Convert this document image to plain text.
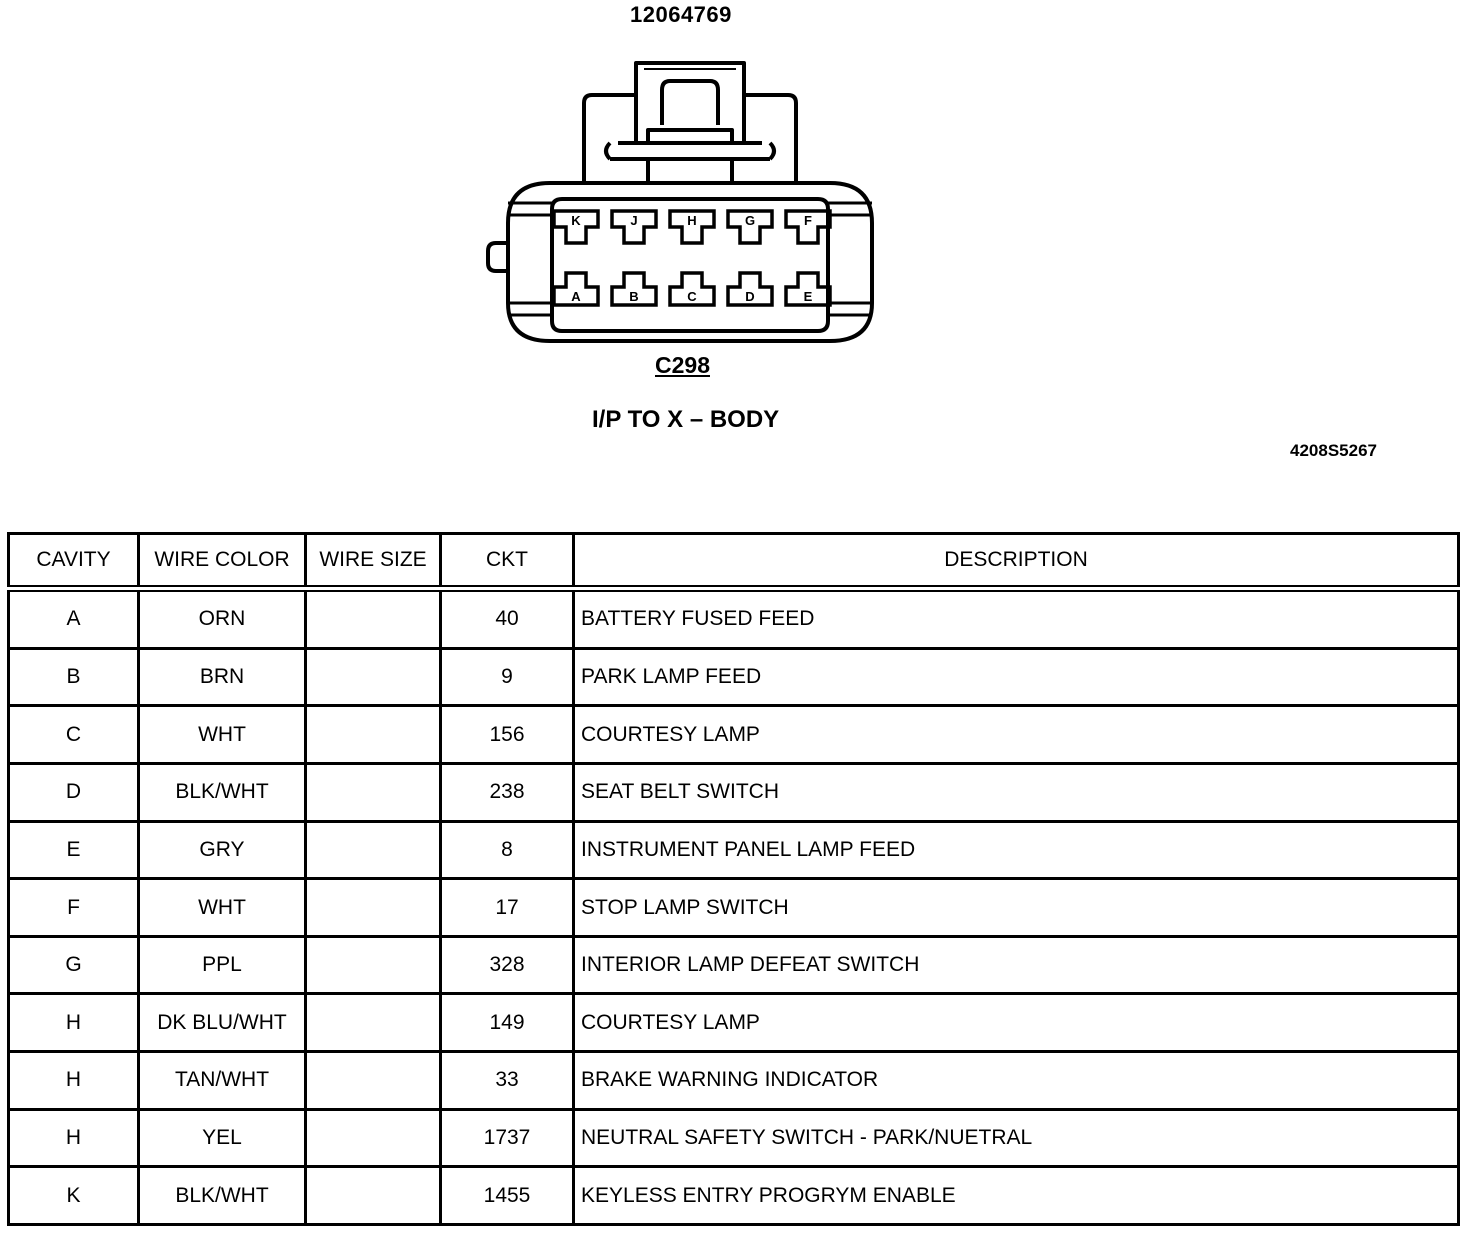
12064769
K	J	H	G	F
A	B	C	D	E
C298
I/P TO X – BODY
4208S5267
CAVITY	WIRE COLOR	WIRE SIZE	CKT	DESCRIPTION
A	ORN		40	BATTERY FUSED FEED
B	BRN		9	PARK LAMP FEED
C	WHT		156	COURTESY LAMP
D	BLK/WHT		238	SEAT BELT SWITCH
E	GRY		8	INSTRUMENT PANEL LAMP FEED
F	WHT		17	STOP LAMP SWITCH
G	PPL		328	INTERIOR LAMP DEFEAT SWITCH
H	DK BLU/WHT		149	COURTESY LAMP
H	TAN/WHT		33	BRAKE WARNING INDICATOR
H	YEL		1737	NEUTRAL SAFETY SWITCH - PARK/NUETRAL
K	BLK/WHT		1455	KEYLESS ENTRY PROGRYM ENABLE
